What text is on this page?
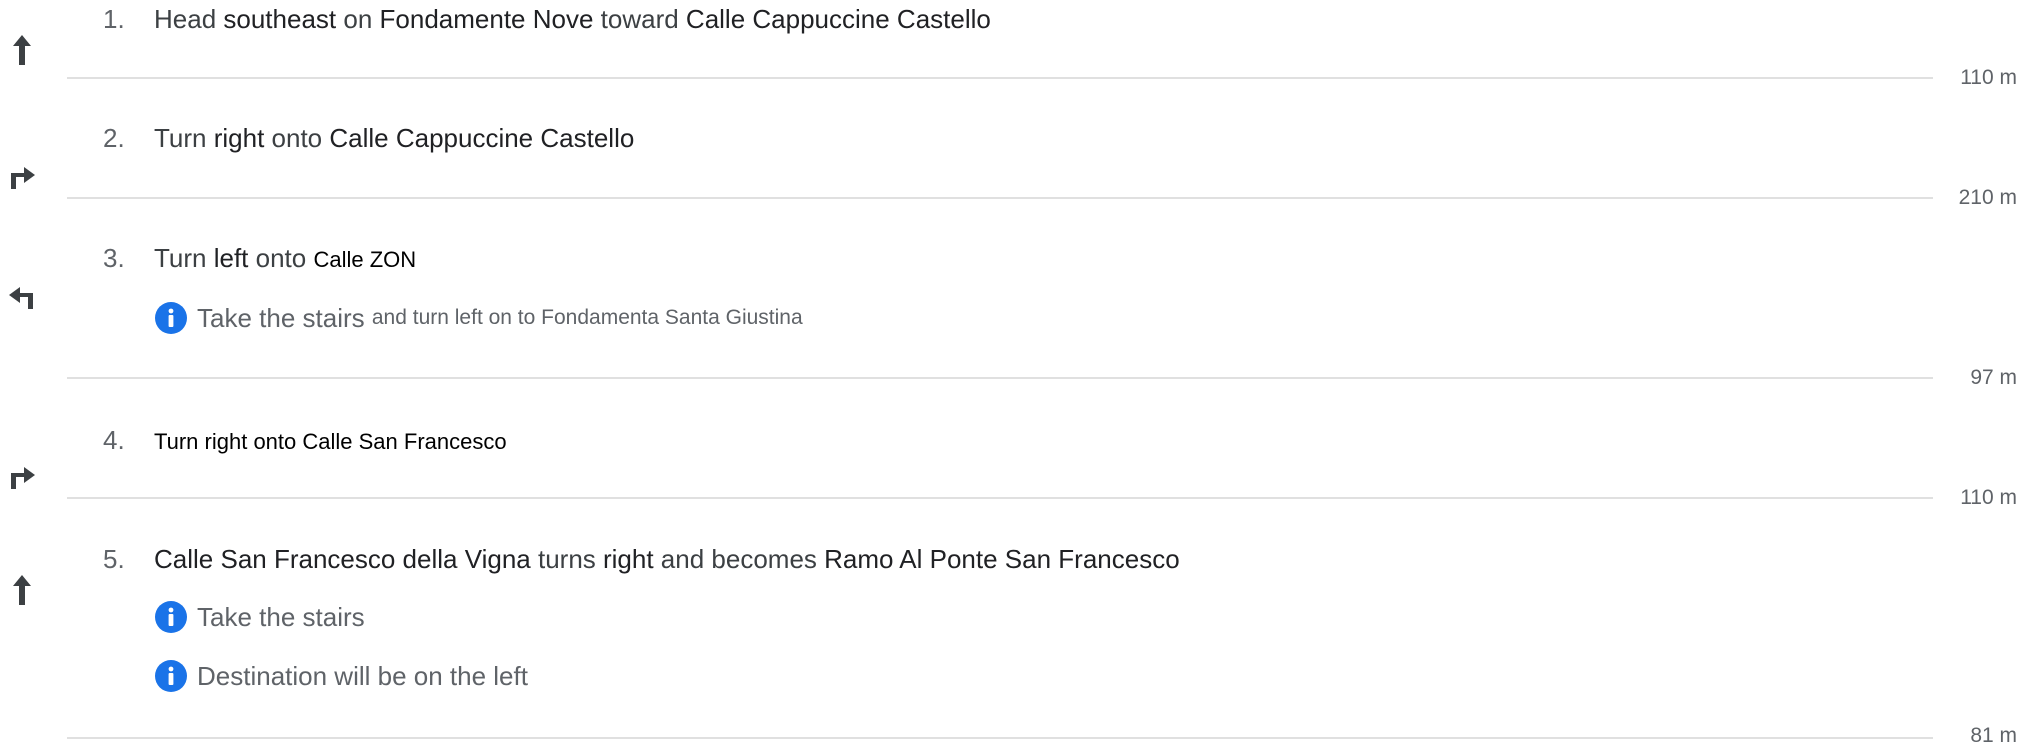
1. Head southeast on Fondamente Nove toward Calle Cappuccine Castello
110 m
2. Turn right onto Calle Cappuccine Castello
210 m
3. Turn left onto Calle ZON
Take the stairs
and turn left on to Fondamenta Santa Giustina
97 m
4. Turn right onto Calle San Francesco
110 m
5. Calle San Francesco della Vigna turns right and becomes Ramo Al Ponte San Francesco
Take the stairs
Destination will be on the left
81 m
